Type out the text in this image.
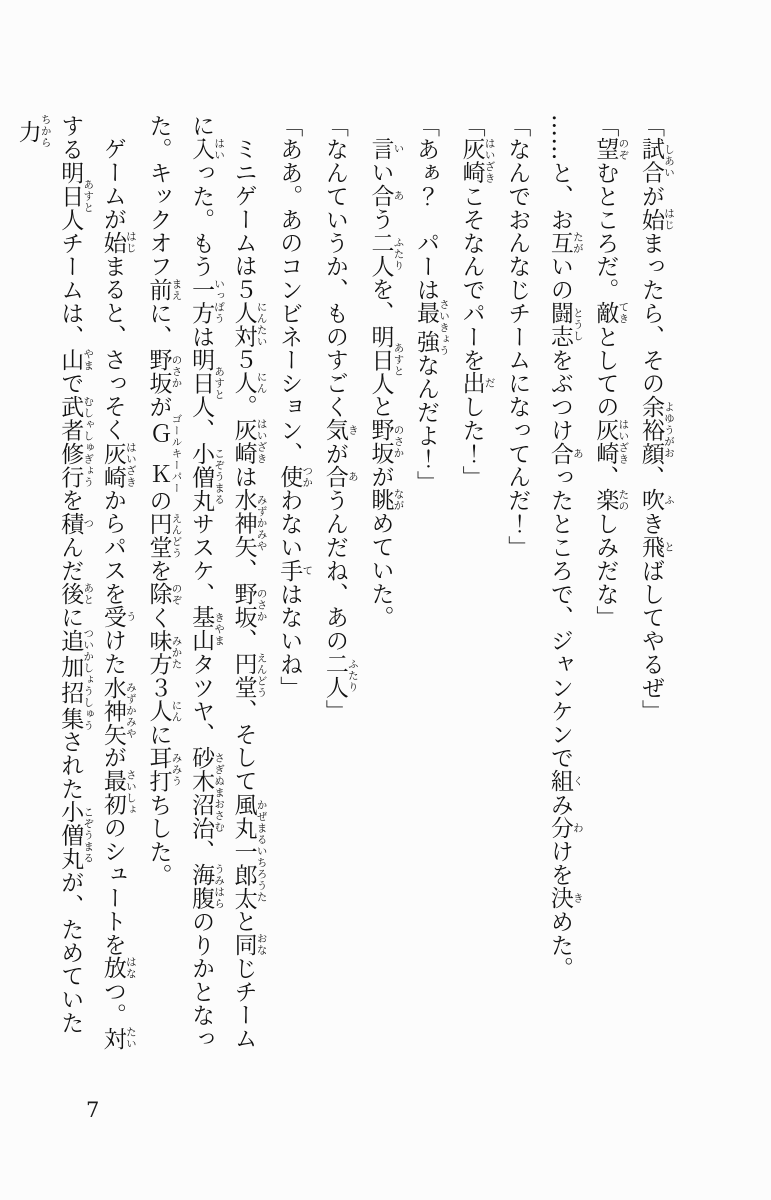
「試合 しあいが始 はじまったら、その余裕顔 よゆうがお、吹 ふき飛 とばしてやるぜ」

「望 のぞむところだ。敵 てきとしての灰崎 はいざき、楽 たのしみだな」

……と、お互 たがいの闘志 とうしをぶつけ合 あったところで、ジャンケンで組 くみ分 わけを決 きめた。

「なんでおんなじチームになってんだ！」

「灰崎 はいざきこそなんでパーを出 だした！」

「あぁ？　パーは最強 さいきょうなんだよ！」

言 いい合 あう二人 ふたりを、明日人 あすとと野坂 のさかが眺 ながめていた。

「なんていうか、ものすごく気 きが合 あうんだね、あの二人 ふたり」

「ああ。あのコンビネーション、使 つかわない手 てはないね」

ミニゲームは５人対 にんたい５人 にん。灰崎 はいざきは水神矢 みずかみや、野坂 のさか、円堂 えんどう、そして風丸一郎太 かぜまるいちろうたと同 おなじチームに入 はいった。もう一方 いっぽうは明日人 あすと、小僧丸 こぞうまるサスケ、基山 きやまタツヤ、砂木沼治 さぎぬまおさむ、海腹 うみはらのりかとなった。キックオフ前 まえに、野坂 のさかがＧＫ ゴールキーパーの円堂 えんどうを除 のぞく味方 みかた３人 にんに耳打 みみうちした。

ゲームが始 はじまると、さっそく灰崎 はいざきからパスを受 うけた水神矢 みずかみやが最初 さいしょのシュートを放 はなつ。対 たいする明日人 あすとチームは、山 やまで武者修行 むしゃしゅぎょうを積 つんだ後 あとに追加招集 ついかしょうしゅうされた小僧丸 こぞうまるが、ためていた力 ちから

7
